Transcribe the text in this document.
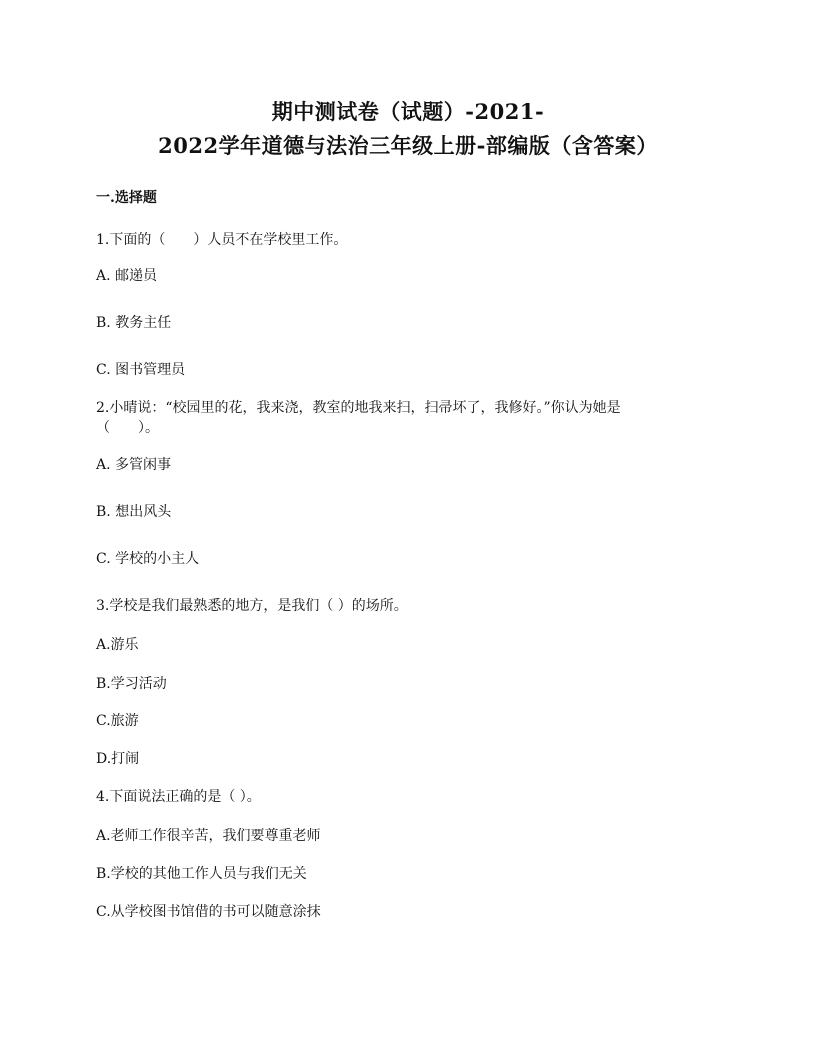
期中测试卷（试题）-2021-
2022学年道德与法治三年级上册-部编版（含答案）
一.选择题
1.下面的（　　）人员不在学校里工作。
A. 邮递员
B. 教务主任
C. 图书管理员
2.小晴说：“校园里的花，我来浇，教室的地我来扫，扫帚坏了，我修好。”你认为她是
（　　）。
A. 多管闲事
B. 想出风头
C. 学校的小主人
3.学校是我们最熟悉的地方，是我们（ ）的场所。
A.游乐
B.学习活动
C.旅游
D.打闹
4.下面说法正确的是（ ）。
A.老师工作很辛苦，我们要尊重老师
B.学校的其他工作人员与我们无关
C.从学校图书馆借的书可以随意涂抹
